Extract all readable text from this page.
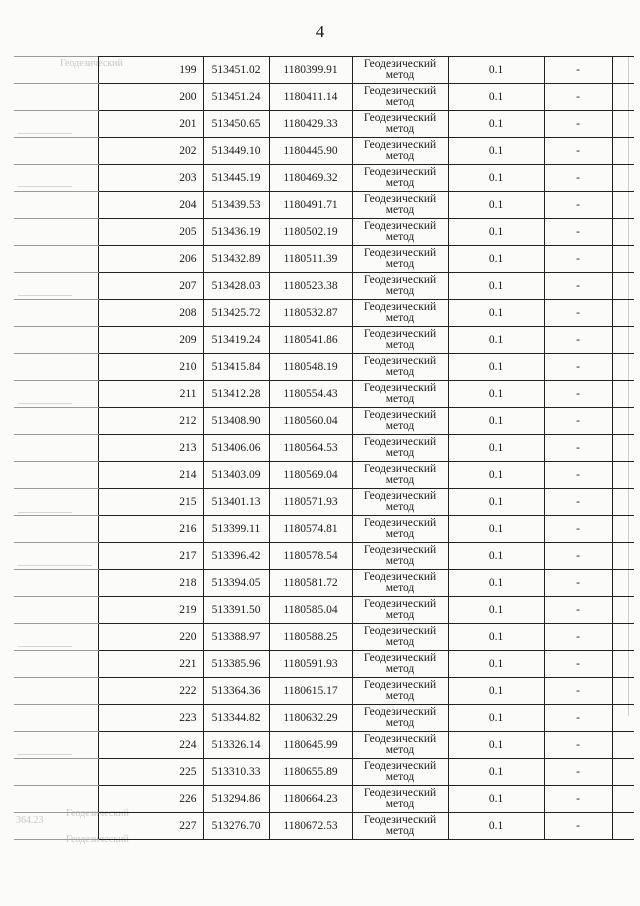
4
Геодезический
364.23
Геодезический
Геодезический
	199	513451.02	1180399.91	Геодезический метод	0.1	-	
	200	513451.24	1180411.14	Геодезический метод	0.1	-	
	201	513450.65	1180429.33	Геодезический метод	0.1	-	
	202	513449.10	1180445.90	Геодезический метод	0.1	-	
	203	513445.19	1180469.32	Геодезический метод	0.1	-	
	204	513439.53	1180491.71	Геодезический метод	0.1	-	
	205	513436.19	1180502.19	Геодезический метод	0.1	-	
	206	513432.89	1180511.39	Геодезический метод	0.1	-	
	207	513428.03	1180523.38	Геодезический метод	0.1	-	
	208	513425.72	1180532.87	Геодезический метод	0.1	-	
	209	513419.24	1180541.86	Геодезический метод	0.1	-	
	210	513415.84	1180548.19	Геодезический метод	0.1	-	
	211	513412.28	1180554.43	Геодезический метод	0.1	-	
	212	513408.90	1180560.04	Геодезический метод	0.1	-	
	213	513406.06	1180564.53	Геодезический метод	0.1	-	
	214	513403.09	1180569.04	Геодезический метод	0.1	-	
	215	513401.13	1180571.93	Геодезический метод	0.1	-	
	216	513399.11	1180574.81	Геодезический метод	0.1	-	
	217	513396.42	1180578.54	Геодезический метод	0.1	-	
	218	513394.05	1180581.72	Геодезический метод	0.1	-	
	219	513391.50	1180585.04	Геодезический метод	0.1	-	
	220	513388.97	1180588.25	Геодезический метод	0.1	-	
	221	513385.96	1180591.93	Геодезический метод	0.1	-	
	222	513364.36	1180615.17	Геодезический метод	0.1	-	
	223	513344.82	1180632.29	Геодезический метод	0.1	-	
	224	513326.14	1180645.99	Геодезический метод	0.1	-	
	225	513310.33	1180655.89	Геодезический метод	0.1	-	
	226	513294.86	1180664.23	Геодезический метод	0.1	-	
	227	513276.70	1180672.53	Геодезический метод	0.1	-	
